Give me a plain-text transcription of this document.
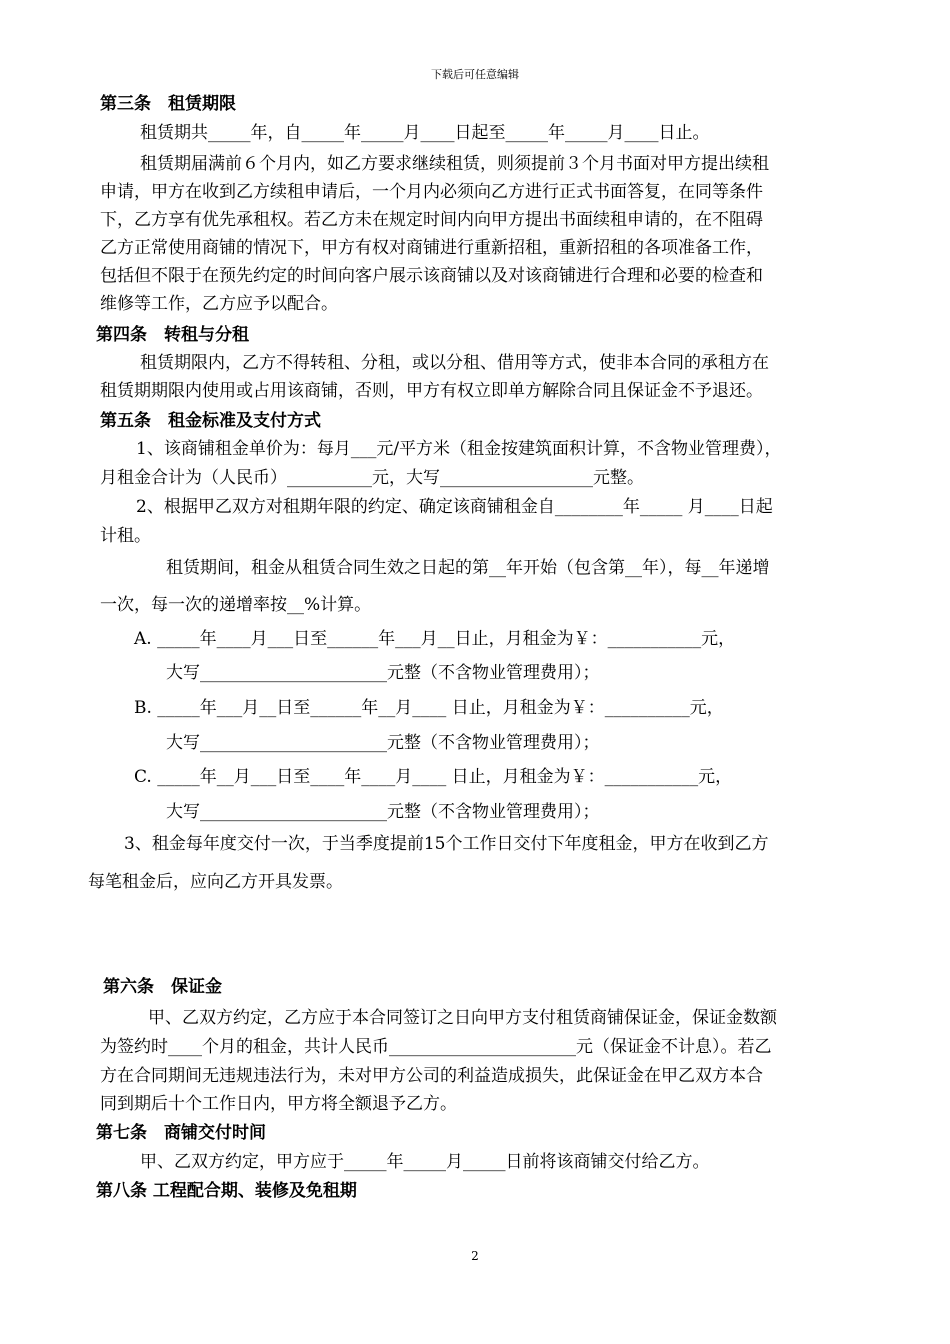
下载后可任意编辑
第三条　租赁期限
租赁期共_____年，自_____年_____月____日起至_____年_____月____日止。
租赁期届满前６个月内，如乙方要求继续租赁，则须提前３个月书面对甲方提出续租
申请，甲方在收到乙方续租申请后，一个月内必须向乙方进行正式书面答复，在同等条件
下，乙方享有优先承租权。若乙方未在规定时间内向甲方提出书面续租申请的，在不阻碍
乙方正常使用商铺的情况下，甲方有权对商铺进行重新招租，重新招租的各项准备工作，
包括但不限于在预先约定的时间向客户展示该商铺以及对该商铺进行合理和必要的检查和
维修等工作，乙方应予以配合。
第四条　转租与分租
租赁期限内，乙方不得转租、分租，或以分租、借用等方式，使非本合同的承租方在
租赁期期限内使用或占用该商铺，否则，甲方有权立即单方解除合同且保证金不予退还。
第五条　租金标准及支付方式
1、该商铺租金单价为：每月___元/平方米（租金按建筑面积计算，不含物业管理费），
月租金合计为（人民币）__________元，大写__________________元整。
2、根据甲乙双方对租期年限的约定、确定该商铺租金自________年_____ 月____日起
计租。
租赁期间，租金从租赁合同生效之日起的第__年开始（包含第__年），每__年递增
一次，每一次的递增率按__%计算。
A. _____年____月___日至______年___月__日止，月租金为￥：___________元，
大写______________________元整（不含物业管理费用）；
B. _____年___月__日至______年__月____ 日止，月租金为￥：__________元，
大写______________________元整（不含物业管理费用）；
C. _____年__月___日至____年____月____ 日止，月租金为￥：___________元，
大写______________________元整（不含物业管理费用）；
3、租金每年度交付一次，于当季度提前15个工作日交付下年度租金，甲方在收到乙方
每笔租金后，应向乙方开具发票。
第六条　保证金
甲、乙双方约定，乙方应于本合同签订之日向甲方支付租赁商铺保证金，保证金数额
为签约时____个月的租金，共计人民币______________________元（保证金不计息）。若乙
方在合同期间无违规违法行为，未对甲方公司的利益造成损失，此保证金在甲乙双方本合
同到期后十个工作日内，甲方将全额退予乙方。
第七条　商铺交付时间
甲、乙双方约定，甲方应于_____年_____月_____日前将该商铺交付给乙方。
第八条 工程配合期、装修及免租期
2
